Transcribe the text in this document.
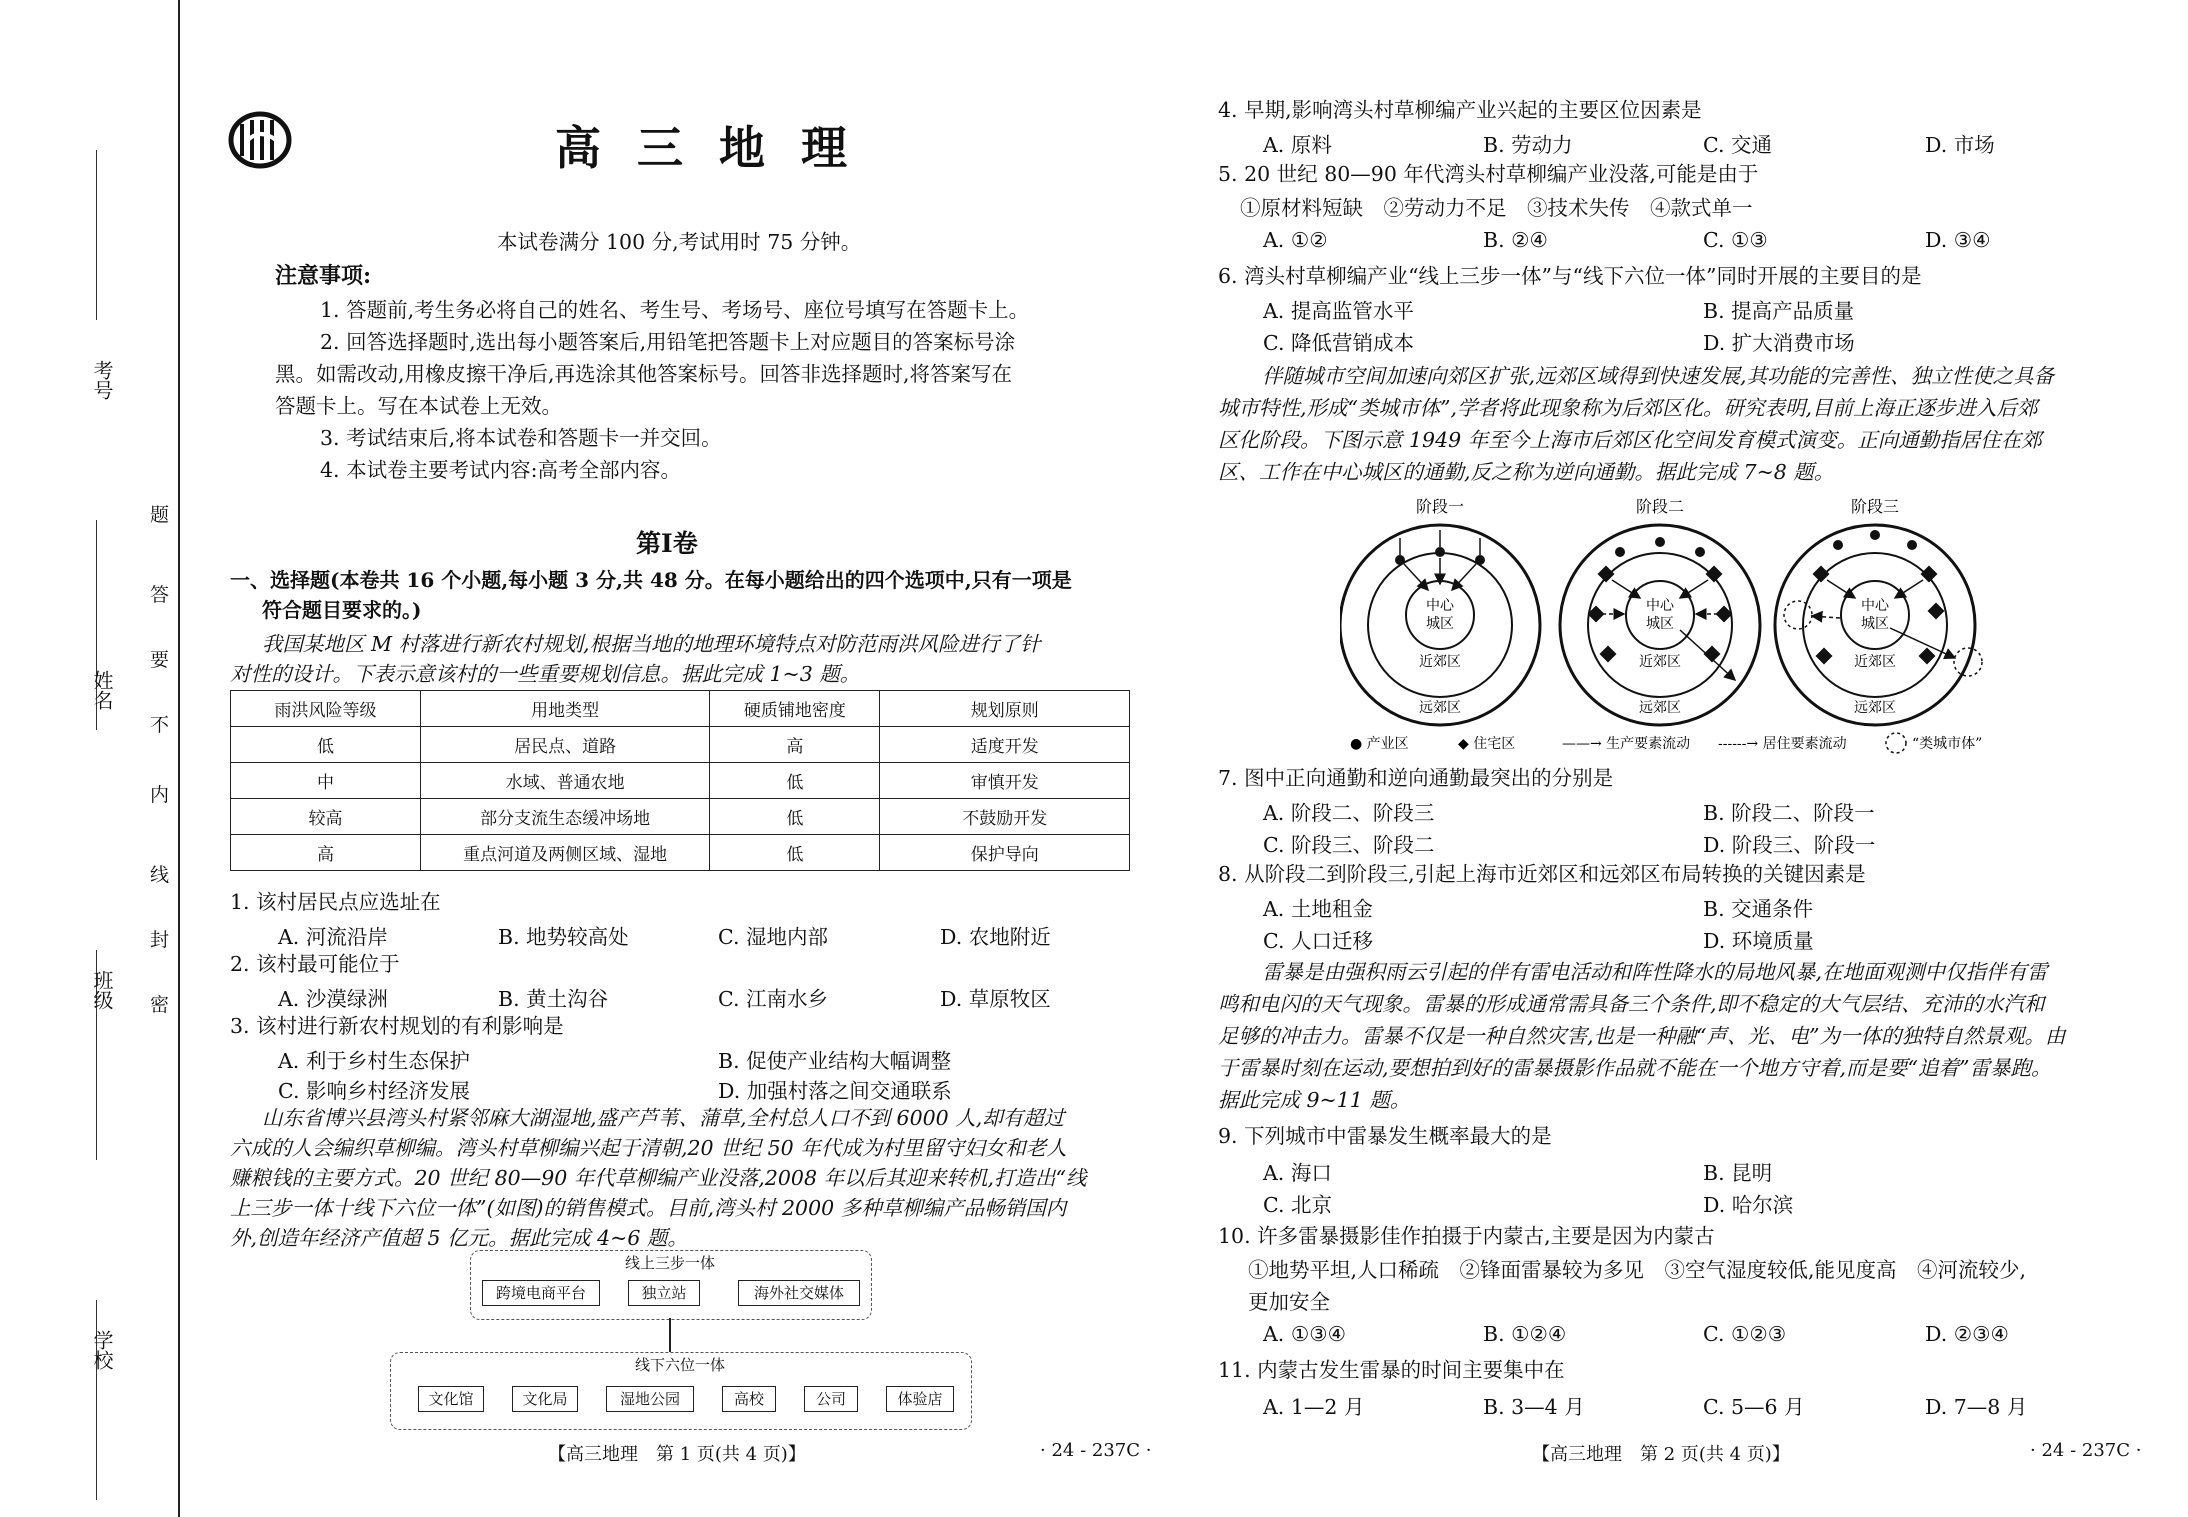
考号
姓名
班级
学校
题
答
要
不
内
线
封
密
高 三 地 理
本试卷满分 100 分,考试用时 75 分钟。
注意事项:
1. 答题前,考生务必将自己的姓名、考生号、考场号、座位号填写在答题卡上。
2. 回答选择题时,选出每小题答案后,用铅笔把答题卡上对应题目的答案标号涂
黑。如需改动,用橡皮擦干净后,再选涂其他答案标号。回答非选择题时,将答案写在
答题卡上。写在本试卷上无效。
3. 考试结束后,将本试卷和答题卡一并交回。
4. 本试卷主要考试内容:高考全部内容。
第Ⅰ卷
一、选择题(本卷共 16 个小题,每小题 3 分,共 48 分。在每小题给出的四个选项中,只有一项是
符合题目要求的。)
我国某地区 M 村落进行新农村规划,根据当地的地理环境特点对防范雨洪风险进行了针
对性的设计。下表示意该村的一些重要规划信息。据此完成 1~3 题。
雨洪风险等级	用地类型	硬质铺地密度	规划原则
低	居民点、道路	高	适度开发
中	水域、普通农地	低	审慎开发
较高	部分支流生态缓冲场地	低	不鼓励开发
高	重点河道及两侧区域、湿地	低	保护导向
1. 该村居民点应选址在
A. 河流沿岸	B. 地势较高处	C. 湿地内部	D. 农地附近
2. 该村最可能位于
A. 沙漠绿洲	B. 黄土沟谷	C. 江南水乡	D. 草原牧区
3. 该村进行新农村规划的有利影响是
A. 利于乡村生态保护	B. 促使产业结构大幅调整
C. 影响乡村经济发展	D. 加强村落之间交通联系
山东省博兴县湾头村紧邻麻大湖湿地,盛产芦苇、蒲草,全村总人口不到 6000 人,却有超过
六成的人会编织草柳编。湾头村草柳编兴起于清朝,20 世纪 50 年代成为村里留守妇女和老人
赚粮钱的主要方式。20 世纪 80—90 年代草柳编产业没落,2008 年以后其迎来转机,打造出“线
上三步一体十线下六位一体”(如图)的销售模式。目前,湾头村 2000 多种草柳编产品畅销国内
外,创造年经济产值超 5 亿元。据此完成 4~6 题。
线上三步一体
跨境电商平台	独立站	海外社交媒体
线下六位一体
文化馆	文化局	湿地公园	高校	公司	体验店
【高三地理　第 1 页(共 4 页)】	· 24 - 237C ·
4. 早期,影响湾头村草柳编产业兴起的主要区位因素是
A. 原料	B. 劳动力	C. 交通	D. 市场
5. 20 世纪 80—90 年代湾头村草柳编产业没落,可能是由于
①原材料短缺　②劳动力不足　③技术失传　④款式单一
A. ①②	B. ②④	C. ①③	D. ③④
6. 湾头村草柳编产业“线上三步一体”与“线下六位一体”同时开展的主要目的是
A. 提高监管水平	B. 提高产品质量
C. 降低营销成本	D. 扩大消费市场
伴随城市空间加速向郊区扩张,远郊区域得到快速发展,其功能的完善性、独立性使之具备
城市特性,形成“类城市体”,学者将此现象称为后郊区化。研究表明,目前上海正逐步进入后郊
区化阶段。下图示意 1949 年至今上海市后郊区化空间发育模式演变。正向通勤指居住在郊
区、工作在中心城区的通勤,反之称为逆向通勤。据此完成 7~8 题。
阶段一	阶段二	阶段三
中心
城区
近郊区
远郊区
中心
城区
近郊区
远郊区
中心
城区
近郊区
远郊区
● 产业区	◆ 住宅区	——→ 生产要素流动 ------→ 居住要素流动	“类城市体”
7. 图中正向通勤和逆向通勤最突出的分别是
A. 阶段二、阶段三	B. 阶段二、阶段一
C. 阶段三、阶段二	D. 阶段三、阶段一
8. 从阶段二到阶段三,引起上海市近郊区和远郊区布局转换的关键因素是
A. 土地租金	B. 交通条件
C. 人口迁移	D. 环境质量
雷暴是由强积雨云引起的伴有雷电活动和阵性降水的局地风暴,在地面观测中仅指伴有雷
鸣和电闪的天气现象。雷暴的形成通常需具备三个条件,即不稳定的大气层结、充沛的水汽和
足够的冲击力。雷暴不仅是一种自然灾害,也是一种融“声、光、电”为一体的独特自然景观。由
于雷暴时刻在运动,要想拍到好的雷暴摄影作品就不能在一个地方守着,而是要“追着”雷暴跑。
据此完成 9~11 题。
9. 下列城市中雷暴发生概率最大的是
A. 海口	B. 昆明
C. 北京	D. 哈尔滨
10. 许多雷暴摄影佳作拍摄于内蒙古,主要是因为内蒙古
①地势平坦,人口稀疏　②锋面雷暴较为多见　③空气湿度较低,能见度高　④河流较少,
更加安全
A. ①③④	B. ①②④	C. ①②③	D. ②③④
11. 内蒙古发生雷暴的时间主要集中在
A. 1—2 月	B. 3—4 月	C. 5—6 月	D. 7—8 月
【高三地理　第 2 页(共 4 页)】	· 24 - 237C ·
